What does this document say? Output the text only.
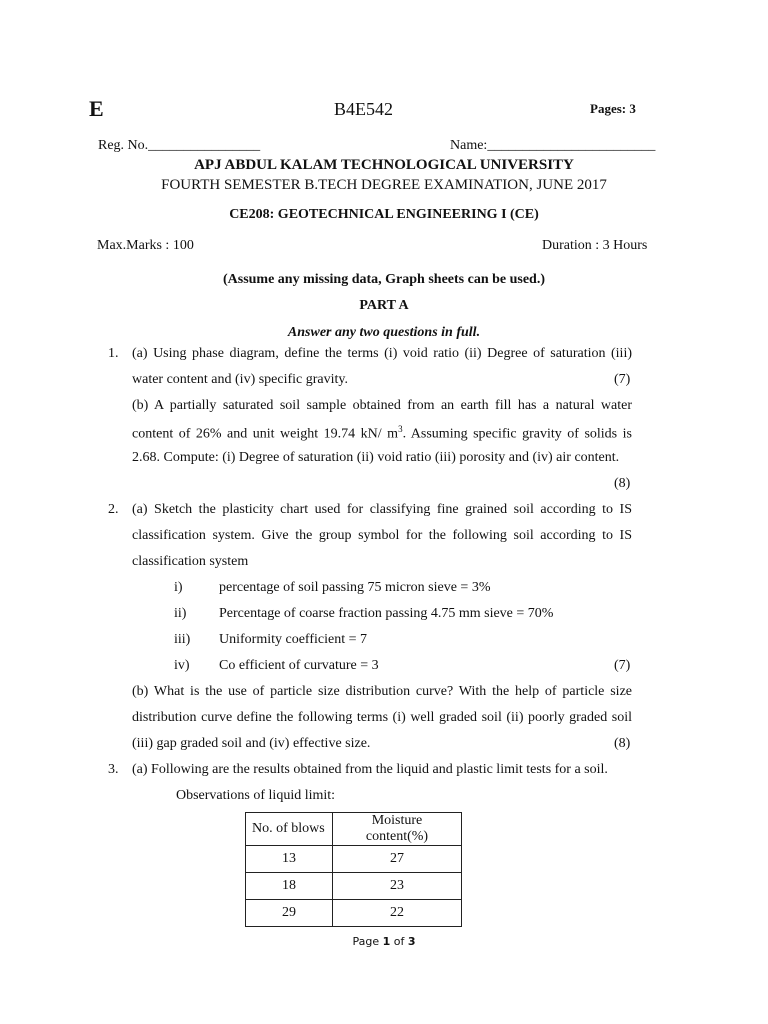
E	B4E542	Pages: 3
Reg. No.________________	Name:________________________
APJ ABDUL KALAM TECHNOLOGICAL UNIVERSITY
FOURTH SEMESTER B.TECH DEGREE EXAMINATION, JUNE 2017
CE208: GEOTECHNICAL ENGINEERING I (CE)
Max.Marks : 100	Duration : 3 Hours
(Assume any missing data, Graph sheets can be used.)
PART A
Answer any two questions in full.
1. (a) Using phase diagram, define the terms (i) void ratio (ii) Degree of saturation (iii)
water content and (iv) specific gravity.	(7)
(b) A partially saturated soil sample obtained from an earth fill has a natural water
content of 26% and unit weight 19.74 kN/ $m^3$. Assuming specific gravity of solids is
2.68. Compute: (i) Degree of saturation (ii) void ratio (iii) porosity and (iv) air content.
(8)
2. (a) Sketch the plasticity chart used for classifying fine grained soil according to IS
classification system. Give the group symbol for the following soil according to IS
classification system
i)	percentage of soil passing 75 micron sieve = 3%
ii) Percentage of coarse fraction passing 4.75 mm sieve = 70%
iii) Uniformity coefficient = 7
iv) Co efficient of curvature = 3	(7)
(b) What is the use of particle size distribution curve? With the help of particle size
distribution curve define the following terms (i) well graded soil (ii) poorly graded soil
(iii) gap graded soil and (iv) effective size.	(8)
3. (a) Following are the results obtained from the liquid and plastic limit tests for a soil.
Observations of liquid limit:
No. of blows	Moisture content(%)
13	27
18	23
29	22
Page 1 of 3
